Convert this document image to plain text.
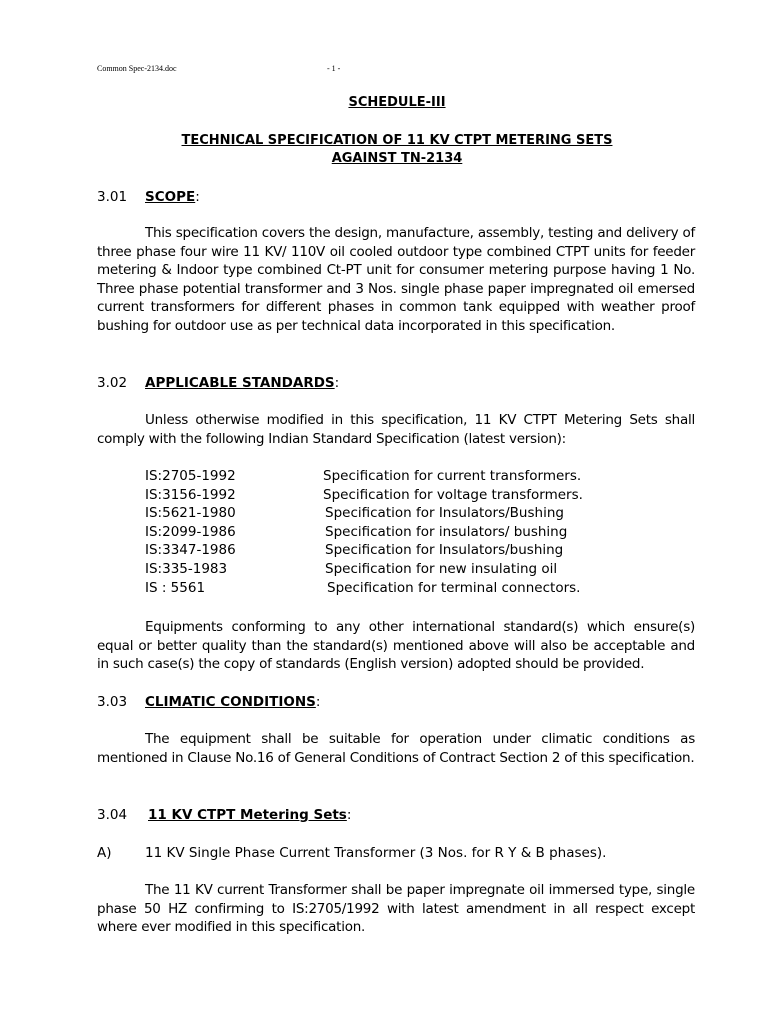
Common Spec-2134.doc	- 1 -
SCHEDULE-III
TECHNICAL SPECIFICATION OF 11 KV CTPT METERING SETS
AGAINST TN-2134
3.01 SCOPE:
This specification covers the design, manufacture, assembly, testing and delivery of three phase four wire 11 KV/ 110V oil cooled outdoor type combined CTPT units for feeder metering & Indoor type combined Ct-PT unit for consumer metering purpose having 1 No. Three phase potential transformer and 3 Nos. single phase paper impregnated oil emersed current transformers for different phases in common tank equipped with weather proof bushing for outdoor use as per technical data incorporated in this specification.
3.02 APPLICABLE STANDARDS:
Unless otherwise modified in this specification, 11 KV CTPT Metering Sets shall comply with the following Indian Standard Specification (latest version):
IS:2705-1992	Specification for current transformers.
IS:3156-1992	Specification for voltage transformers.
IS:5621-1980	Specification for Insulators/Bushing
IS:2099-1986	Specification for insulators/ bushing
IS:3347-1986	Specification for Insulators/bushing
IS:335-1983	Specification for new insulating oil
IS : 5561	Specification for terminal connectors.
Equipments conforming to any other international standard(s) which ensure(s) equal or better quality than the standard(s) mentioned above will also be acceptable and in such case(s) the copy of standards (English version) adopted should be provided.
3.03 CLIMATIC CONDITIONS:
The equipment shall be suitable for operation under climatic conditions as mentioned in Clause No.16 of General Conditions of Contract Section 2 of this specification.
3.04 11 KV CTPT Metering Sets:
A) 11 KV Single Phase Current Transformer (3 Nos. for R Y & B phases).
The 11 KV current Transformer shall be paper impregnate oil immersed type, single phase 50 HZ confirming to IS:2705/1992 with latest amendment in all respect except where ever modified in this specification.
